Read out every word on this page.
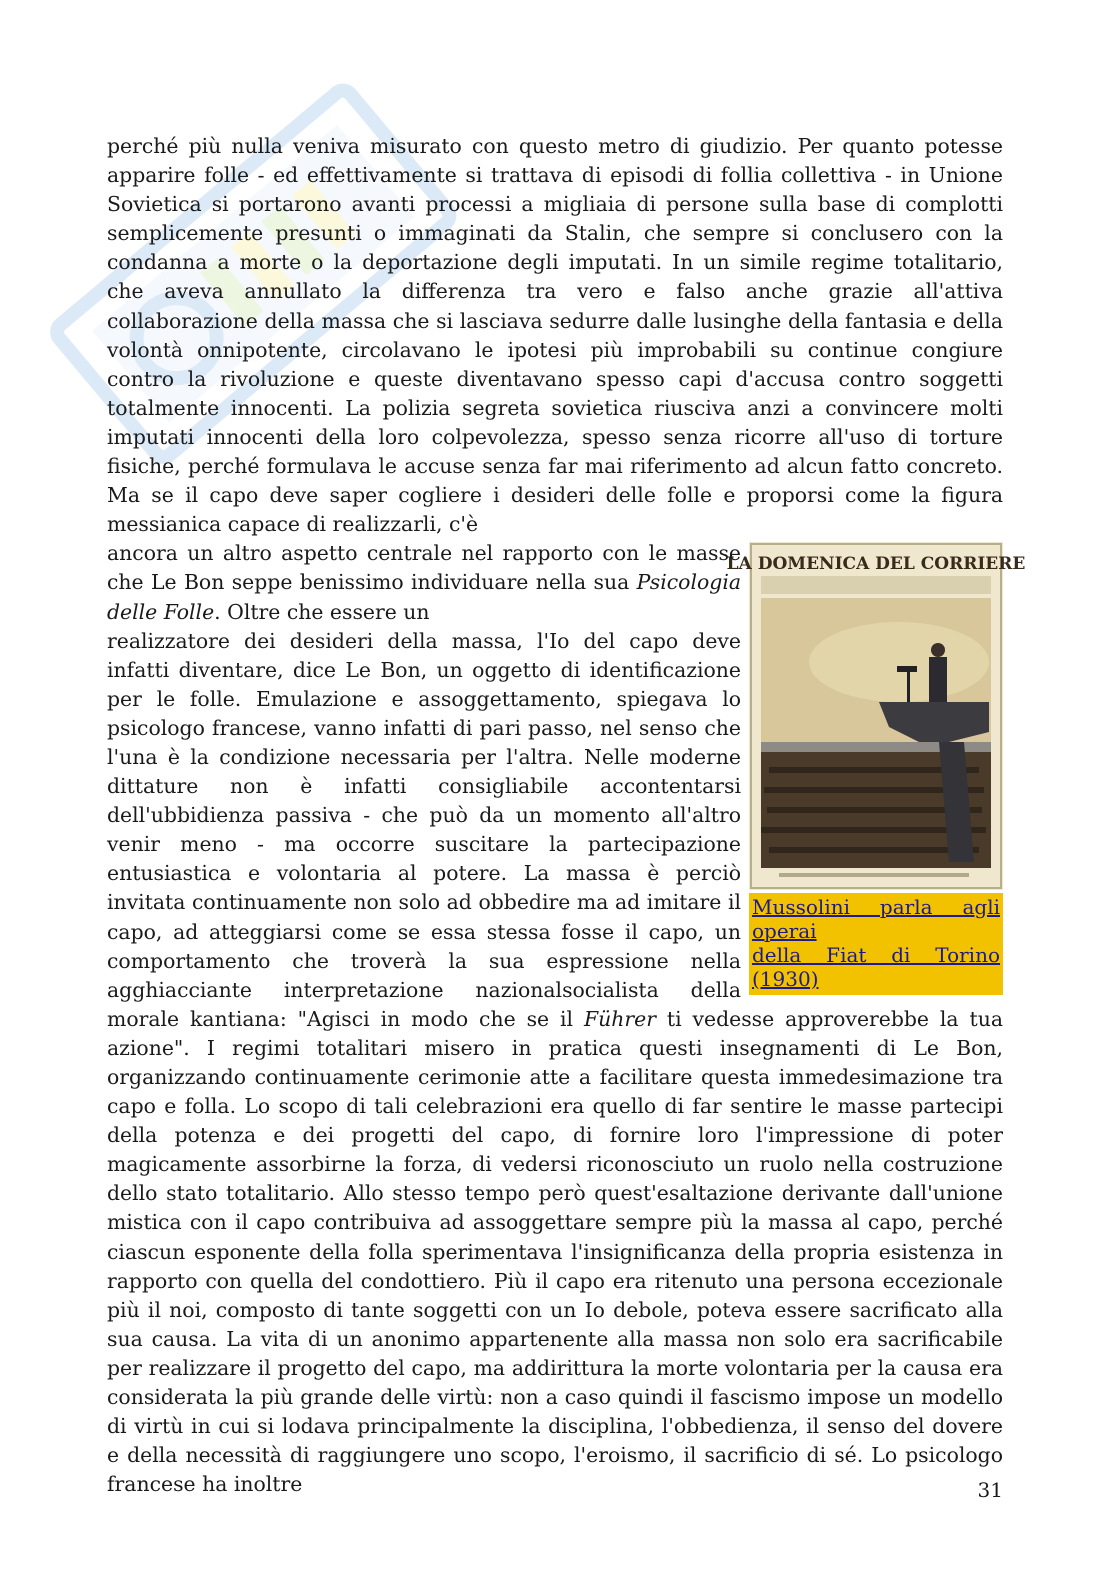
perché più nulla veniva misurato con questo metro di giudizio. Per quanto potesse apparire folle - ed effettivamente si trattava di episodi di follia collettiva - in Unione Sovietica si portarono avanti processi a migliaia di persone sulla base di complotti semplicemente presunti o immaginati da Stalin, che sempre si conclusero con la condanna a morte o la deportazione degli imputati. In un simile regime totalitario, che aveva annullato la differenza tra vero e falso anche grazie all'attiva collaborazione della massa che si lasciava sedurre dalle lusinghe della fantasia e della volontà onnipotente, circolavano le ipotesi più improbabili su continue congiure contro la rivoluzione e queste diventavano spesso capi d'accusa contro soggetti totalmente innocenti. La polizia segreta sovietica riusciva anzi a convincere molti imputati innocenti della loro colpevolezza, spesso senza ricorre all'uso di torture fisiche, perché formulava le accuse senza far mai riferimento ad alcun fatto concreto. Ma se il capo deve saper cogliere i desideri delle folle e proporsi come la figura messianica capace di realizzarli, c'è

LA DOMENICA DEL CORRIERE
Mussolini parla agli
operai
della Fiat di Torino
(1930)

ancora un altro aspetto centrale nel rapporto con le masse che Le Bon seppe benissimo individuare nella sua Psicologia delle Folle. Oltre che essere un

realizzatore dei desideri della massa, l'Io del capo deve infatti diventare, dice Le Bon, un oggetto di identificazione per le folle. Emulazione e assoggettamento, spiegava lo psicologo francese, vanno infatti di pari passo, nel senso che l'una è la condizione necessaria per l'altra. Nelle moderne dittature non è infatti consigliabile accontentarsi dell'ubbidienza passiva - che può da un momento all'altro venir meno - ma occorre suscitare la partecipazione entusiastica e volontaria al potere. La massa è perciò invitata continuamente non solo ad obbedire ma ad imitare il capo, ad atteggiarsi come se essa stessa fosse il capo, un comportamento che troverà la sua espressione nella agghiacciante interpretazione nazionalsocialista della morale kantiana: "Agisci in modo che se il Führer ti vedesse approverebbe la tua azione". I regimi totalitari misero in pratica questi insegnamenti di Le Bon, organizzando continuamente cerimonie atte a facilitare questa immedesimazione tra capo e folla. Lo scopo di tali celebrazioni era quello di far sentire le masse partecipi della potenza e dei progetti del capo, di fornire loro l'impressione di poter magicamente assorbirne la forza, di vedersi riconosciuto un ruolo nella costruzione dello stato totalitario. Allo stesso tempo però quest'esaltazione derivante dall'unione mistica con il capo contribuiva ad assoggettare sempre più la massa al capo, perché ciascun esponente della folla sperimentava l'insignificanza della propria esistenza in rapporto con quella del condottiero. Più il capo era ritenuto una persona eccezionale più il noi, composto di tante soggetti con un Io debole, poteva essere sacrificato alla sua causa. La vita di un anonimo appartenente alla massa non solo era sacrificabile per realizzare il progetto del capo, ma addirittura la morte volontaria per la causa era considerata la più grande delle virtù: non a caso quindi il fascismo impose un modello di virtù in cui si lodava principalmente la disciplina, l'obbedienza, il senso del dovere e della necessità di raggiungere uno scopo, l'eroismo, il sacrificio di sé. Lo psicologo francese ha inoltre	31
